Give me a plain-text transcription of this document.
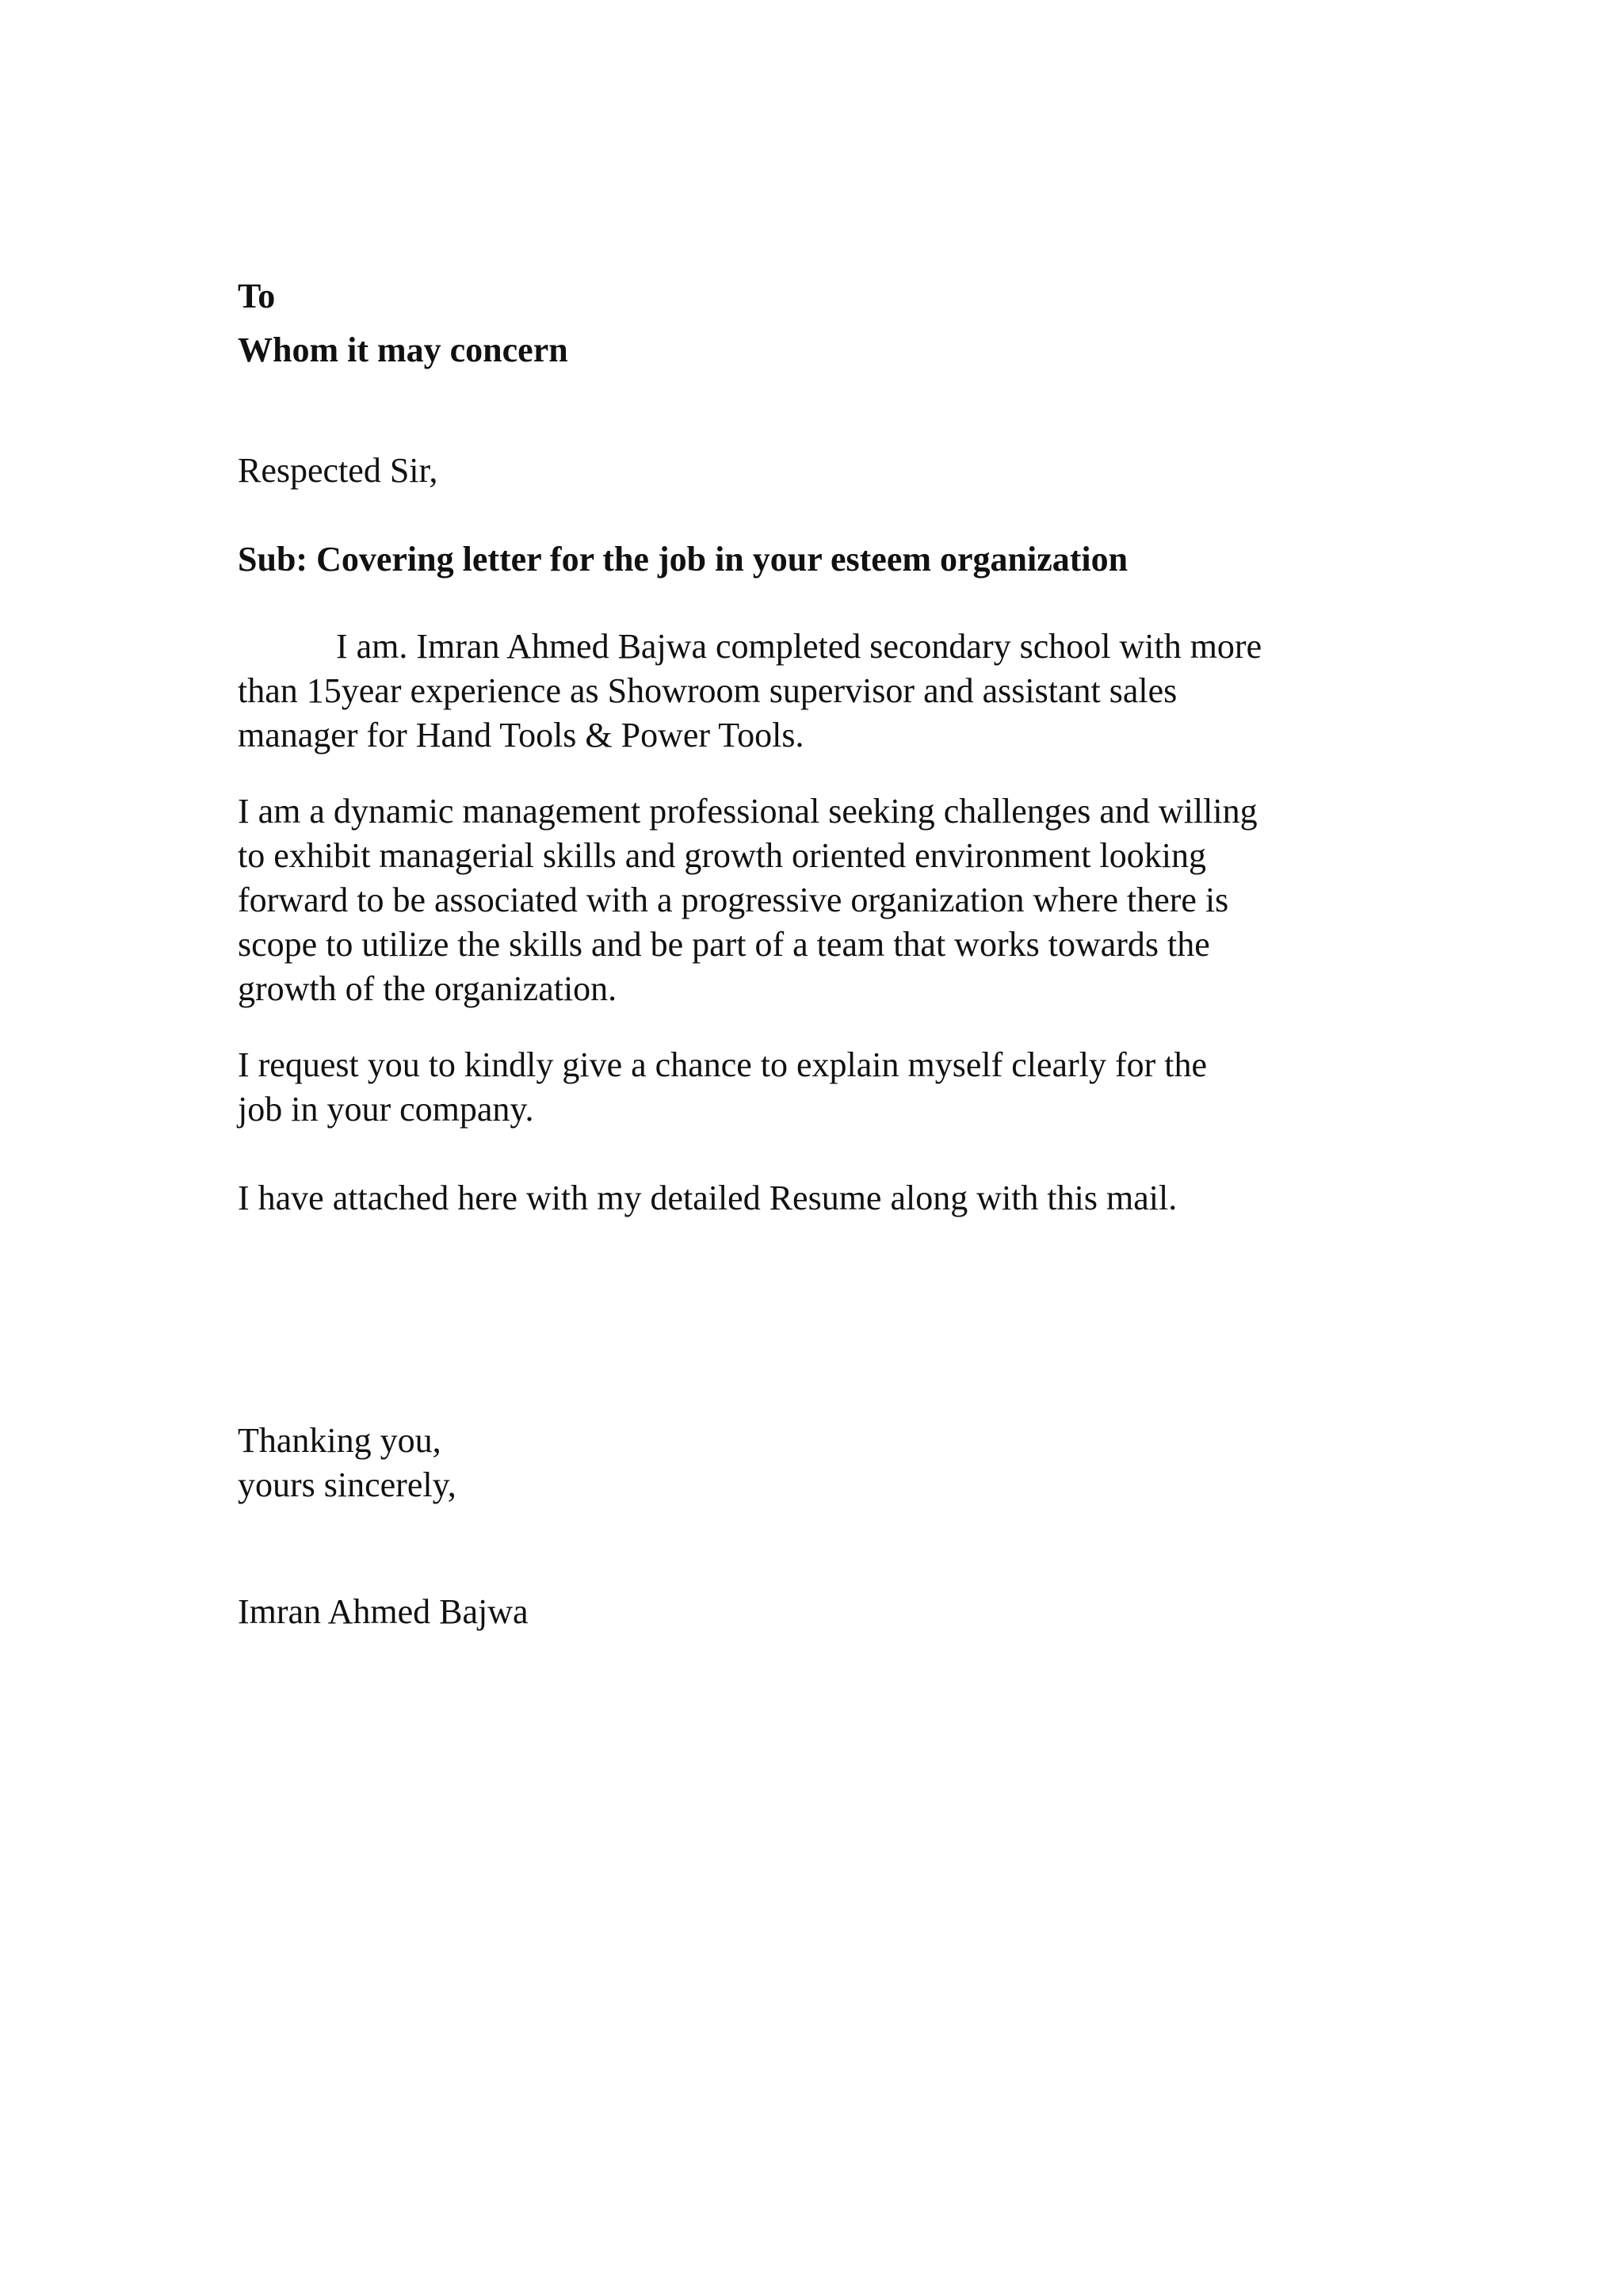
To

Whom it may concern

Respected Sir,

Sub: Covering letter for the job in your esteem organization

I am. Imran Ahmed Bajwa completed secondary school with more
than 15year experience as Showroom supervisor and assistant sales
manager for Hand Tools & Power Tools.
I am a dynamic management professional seeking challenges and willing
to exhibit managerial skills and growth oriented environment looking
forward to be associated with a progressive organization where there is
scope to utilize the skills and be part of a team that works towards the
growth of the organization.
I request you to kindly give a chance to explain myself clearly for the
job in your company.
I have attached here with my detailed Resume along with this mail.

Thanking you,

yours sincerely,

Imran Ahmed Bajwa
